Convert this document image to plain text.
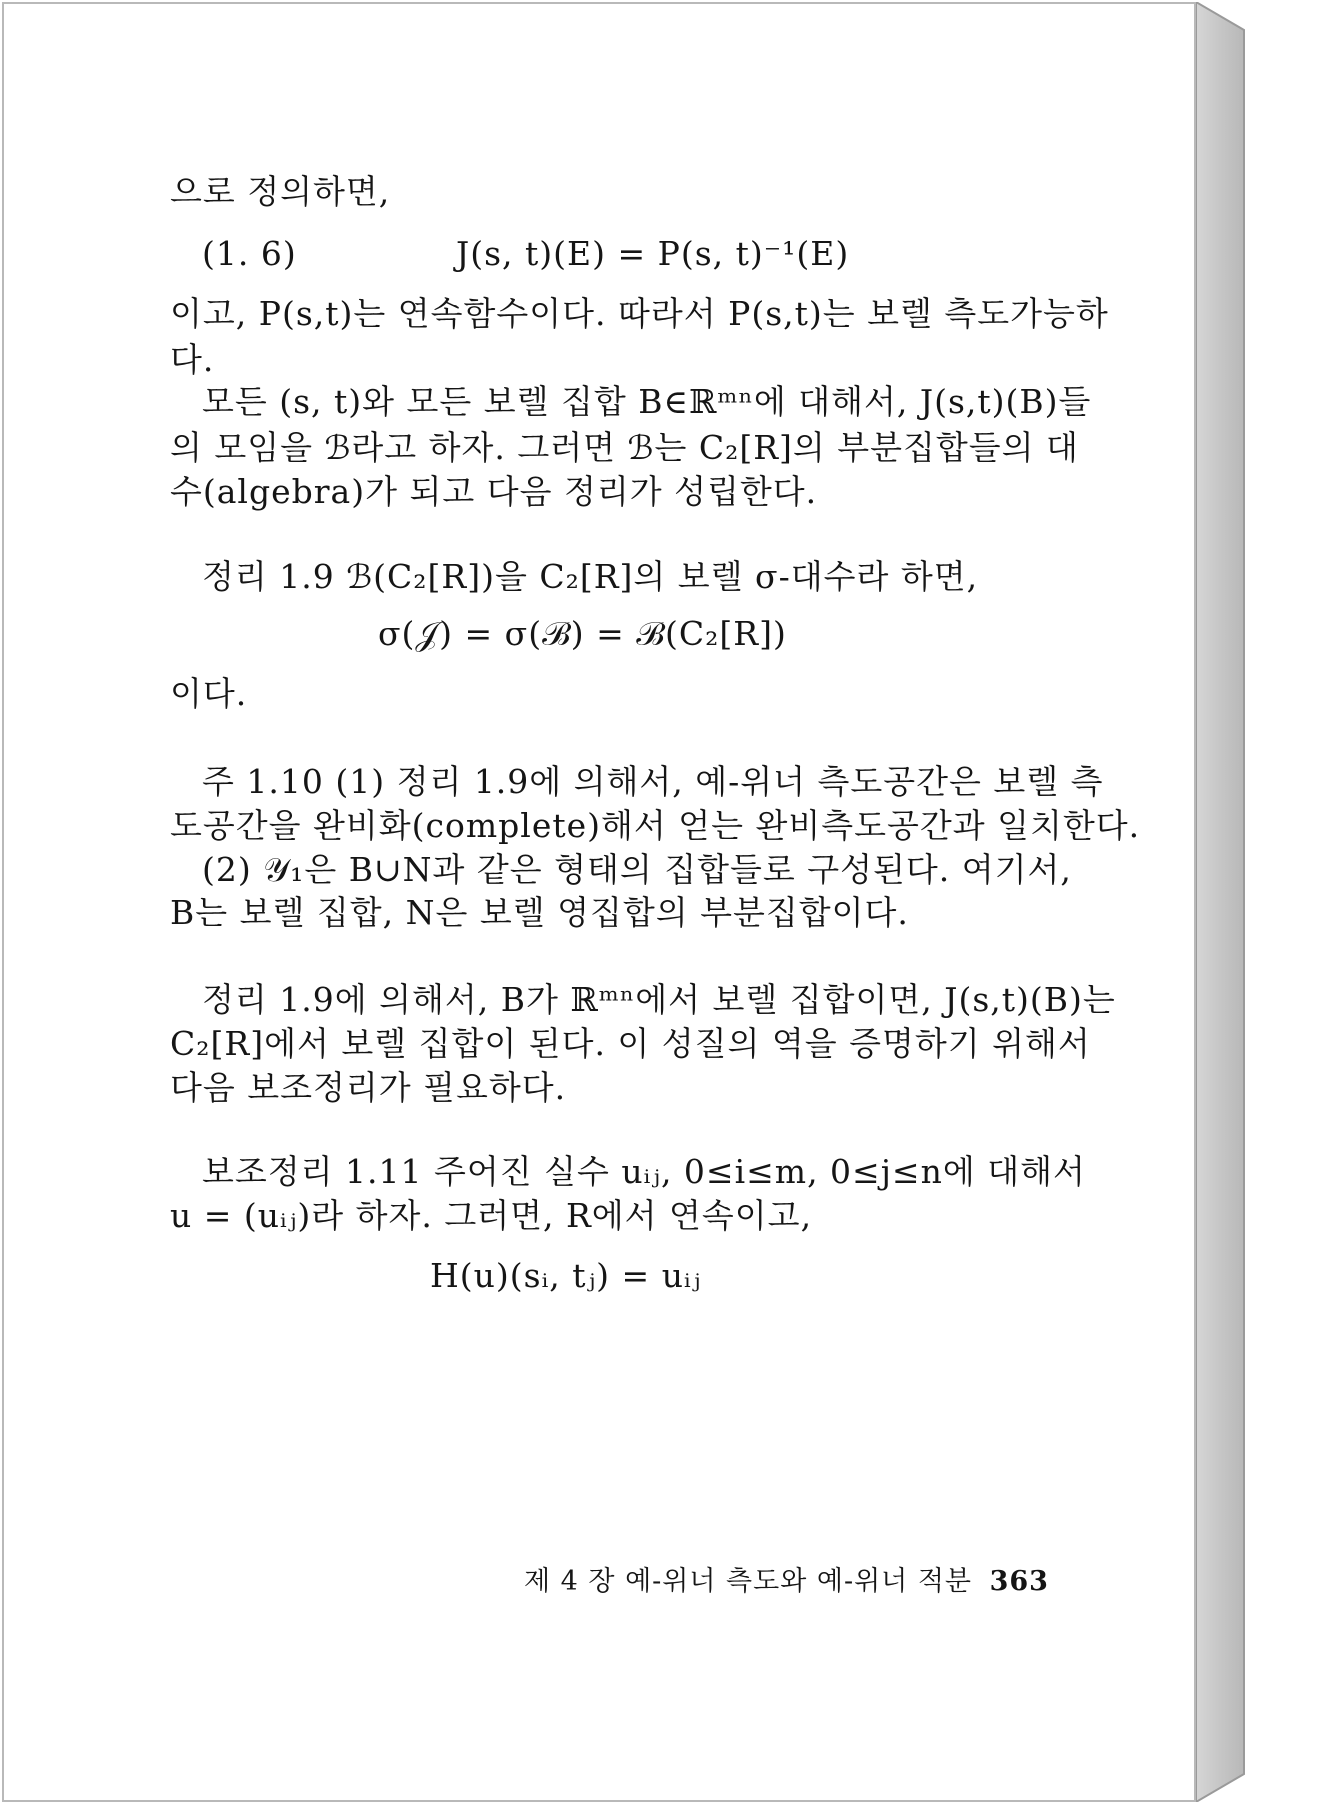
으로 정의하면,
(1. 6)	J(s, t)(E) = P(s, t)⁻¹(E)
이고, P(s,t)는 연속함수이다. 따라서 P(s,t)는 보렐 측도가능하
다.
모든 (s, t)와 모든 보렐 집합 B∈ℝᵐⁿ에 대해서, J(s,t)(B)들
의 모임을 ℬ라고 하자. 그러면 ℬ는 C₂[R]의 부분집합들의 대
수(algebra)가 되고 다음 정리가 성립한다.
정리 1.9 ℬ(C₂[R])을 C₂[R]의 보렐 σ-대수라 하면,
σ(𝒥) = σ(ℬ) = ℬ(C₂[R])
이다.
주 1.10 (1) 정리 1.9에 의해서, 예-위너 측도공간은 보렐 측
도공간을 완비화(complete)해서 얻는 완비측도공간과 일치한다.
(2) 𝒴₁은 B∪N과 같은 형태의 집합들로 구성된다. 여기서,
B는 보렐 집합, N은 보렐 영집합의 부분집합이다.
정리 1.9에 의해서, B가 ℝᵐⁿ에서 보렐 집합이면, J(s,t)(B)는
C₂[R]에서 보렐 집합이 된다. 이 성질의 역을 증명하기 위해서
다음 보조정리가 필요하다.
보조정리 1.11 주어진 실수 uᵢⱼ, 0≤i≤m, 0≤j≤n에 대해서
u = (uᵢⱼ)라 하자. 그러면, R에서 연속이고,
H(u)(sᵢ, tⱼ) = uᵢⱼ
제 4 장 예-위너 측도와 예-위너 적분 363
